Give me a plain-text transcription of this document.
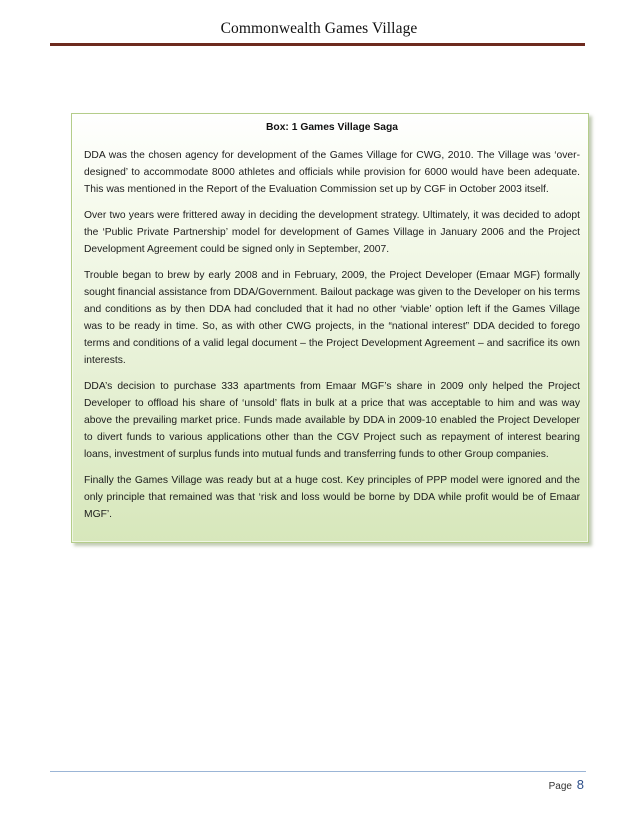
Commonwealth Games Village

Box: 1 Games Village Saga

DDA was the chosen agency for development of the Games Village for CWG, 2010. The Village was ‘over-designed’ to accommodate 8000 athletes and officials while provision for 6000 would have been adequate. This was mentioned in the Report of the Evaluation Commission set up by CGF in October 2003 itself.

Over two years were frittered away in deciding the development strategy. Ultimately, it was decided to adopt the ‘Public Private Partnership’ model for development of Games Village in January 2006 and the Project Development Agreement could be signed only in September, 2007.

Trouble began to brew by early 2008 and in February, 2009, the Project Developer (Emaar MGF) formally sought financial assistance from DDA/Government. Bailout package was given to the Developer on his terms and conditions as by then DDA had concluded that it had no other ‘viable’ option left if the Games Village was to be ready in time. So, as with other CWG projects, in the “national interest” DDA decided to forego terms and conditions of a valid legal document – the Project Development Agreement – and sacrifice its own interests.

DDA’s decision to purchase 333 apartments from Emaar MGF’s share in 2009 only helped the Project Developer to offload his share of ‘unsold’ flats in bulk at a price that was acceptable to him and was way above the prevailing market price. Funds made available by DDA in 2009-10 enabled the Project Developer to divert funds to various applications other than the CGV Project such as repayment of interest bearing loans, investment of surplus funds into mutual funds and transferring funds to other Group companies.

Finally the Games Village was ready but at a huge cost. Key principles of PPP model were ignored and the only principle that remained was that ‘risk and loss would be borne by DDA while profit would be of Emaar MGF’.

Page 8
